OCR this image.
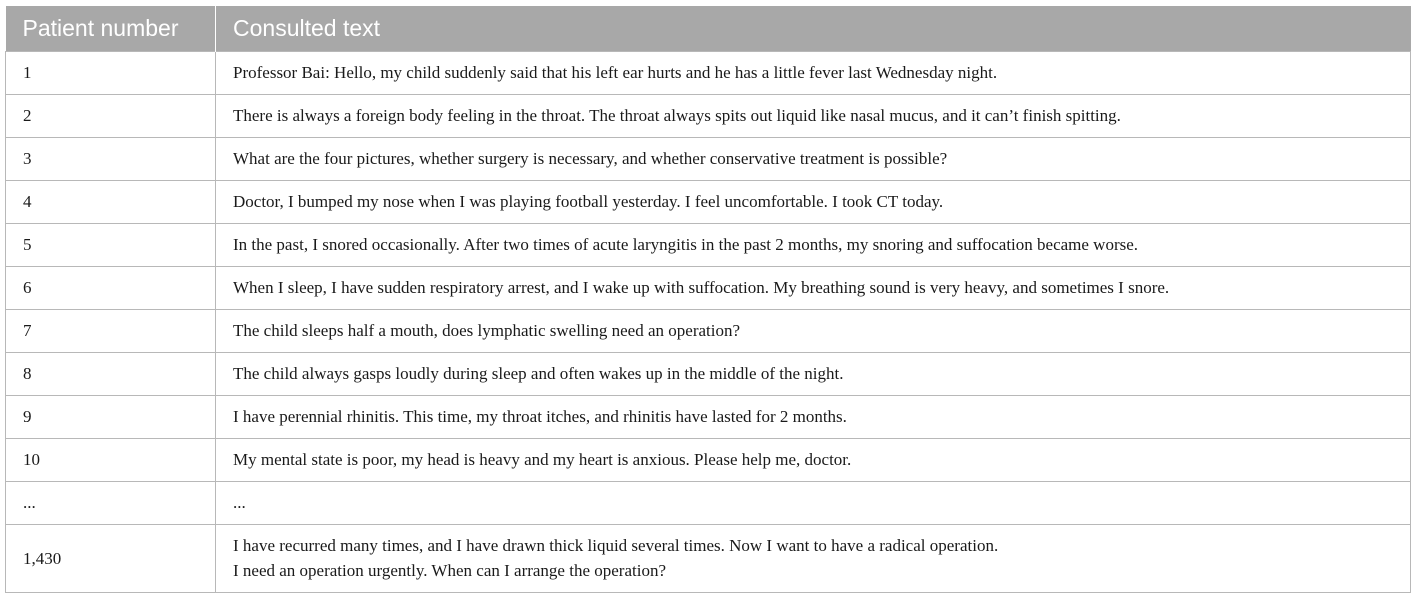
Patient number	Consulted text
1	Professor Bai: Hello, my child suddenly said that his left ear hurts and he has a little fever last Wednesday night.

2	There is always a foreign body feeling in the throat. The throat always spits out liquid like nasal mucus, and it can’t finish spitting.

3	What are the four pictures, whether surgery is necessary, and whether conservative treatment is possible?

4	Doctor, I bumped my nose when I was playing football yesterday. I feel uncomfortable. I took CT today.

5	In the past, I snored occasionally. After two times of acute laryngitis in the past 2 months, my snoring and suffocation became worse.

6	When I sleep, I have sudden respiratory arrest, and I wake up with suffocation. My breathing sound is very heavy, and sometimes I snore.

7	The child sleeps half a mouth, does lymphatic swelling need an operation?

8	The child always gasps loudly during sleep and often wakes up in the middle of the night.

9	I have perennial rhinitis. This time, my throat itches, and rhinitis have lasted for 2 months.

10	My mental state is poor, my head is heavy and my heart is anxious. Please help me, doctor.

...	...

1,430	I have recurred many times, and I have drawn thick liquid several times. Now I want to have a radical operation.
I need an operation urgently. When can I arrange the operation?
